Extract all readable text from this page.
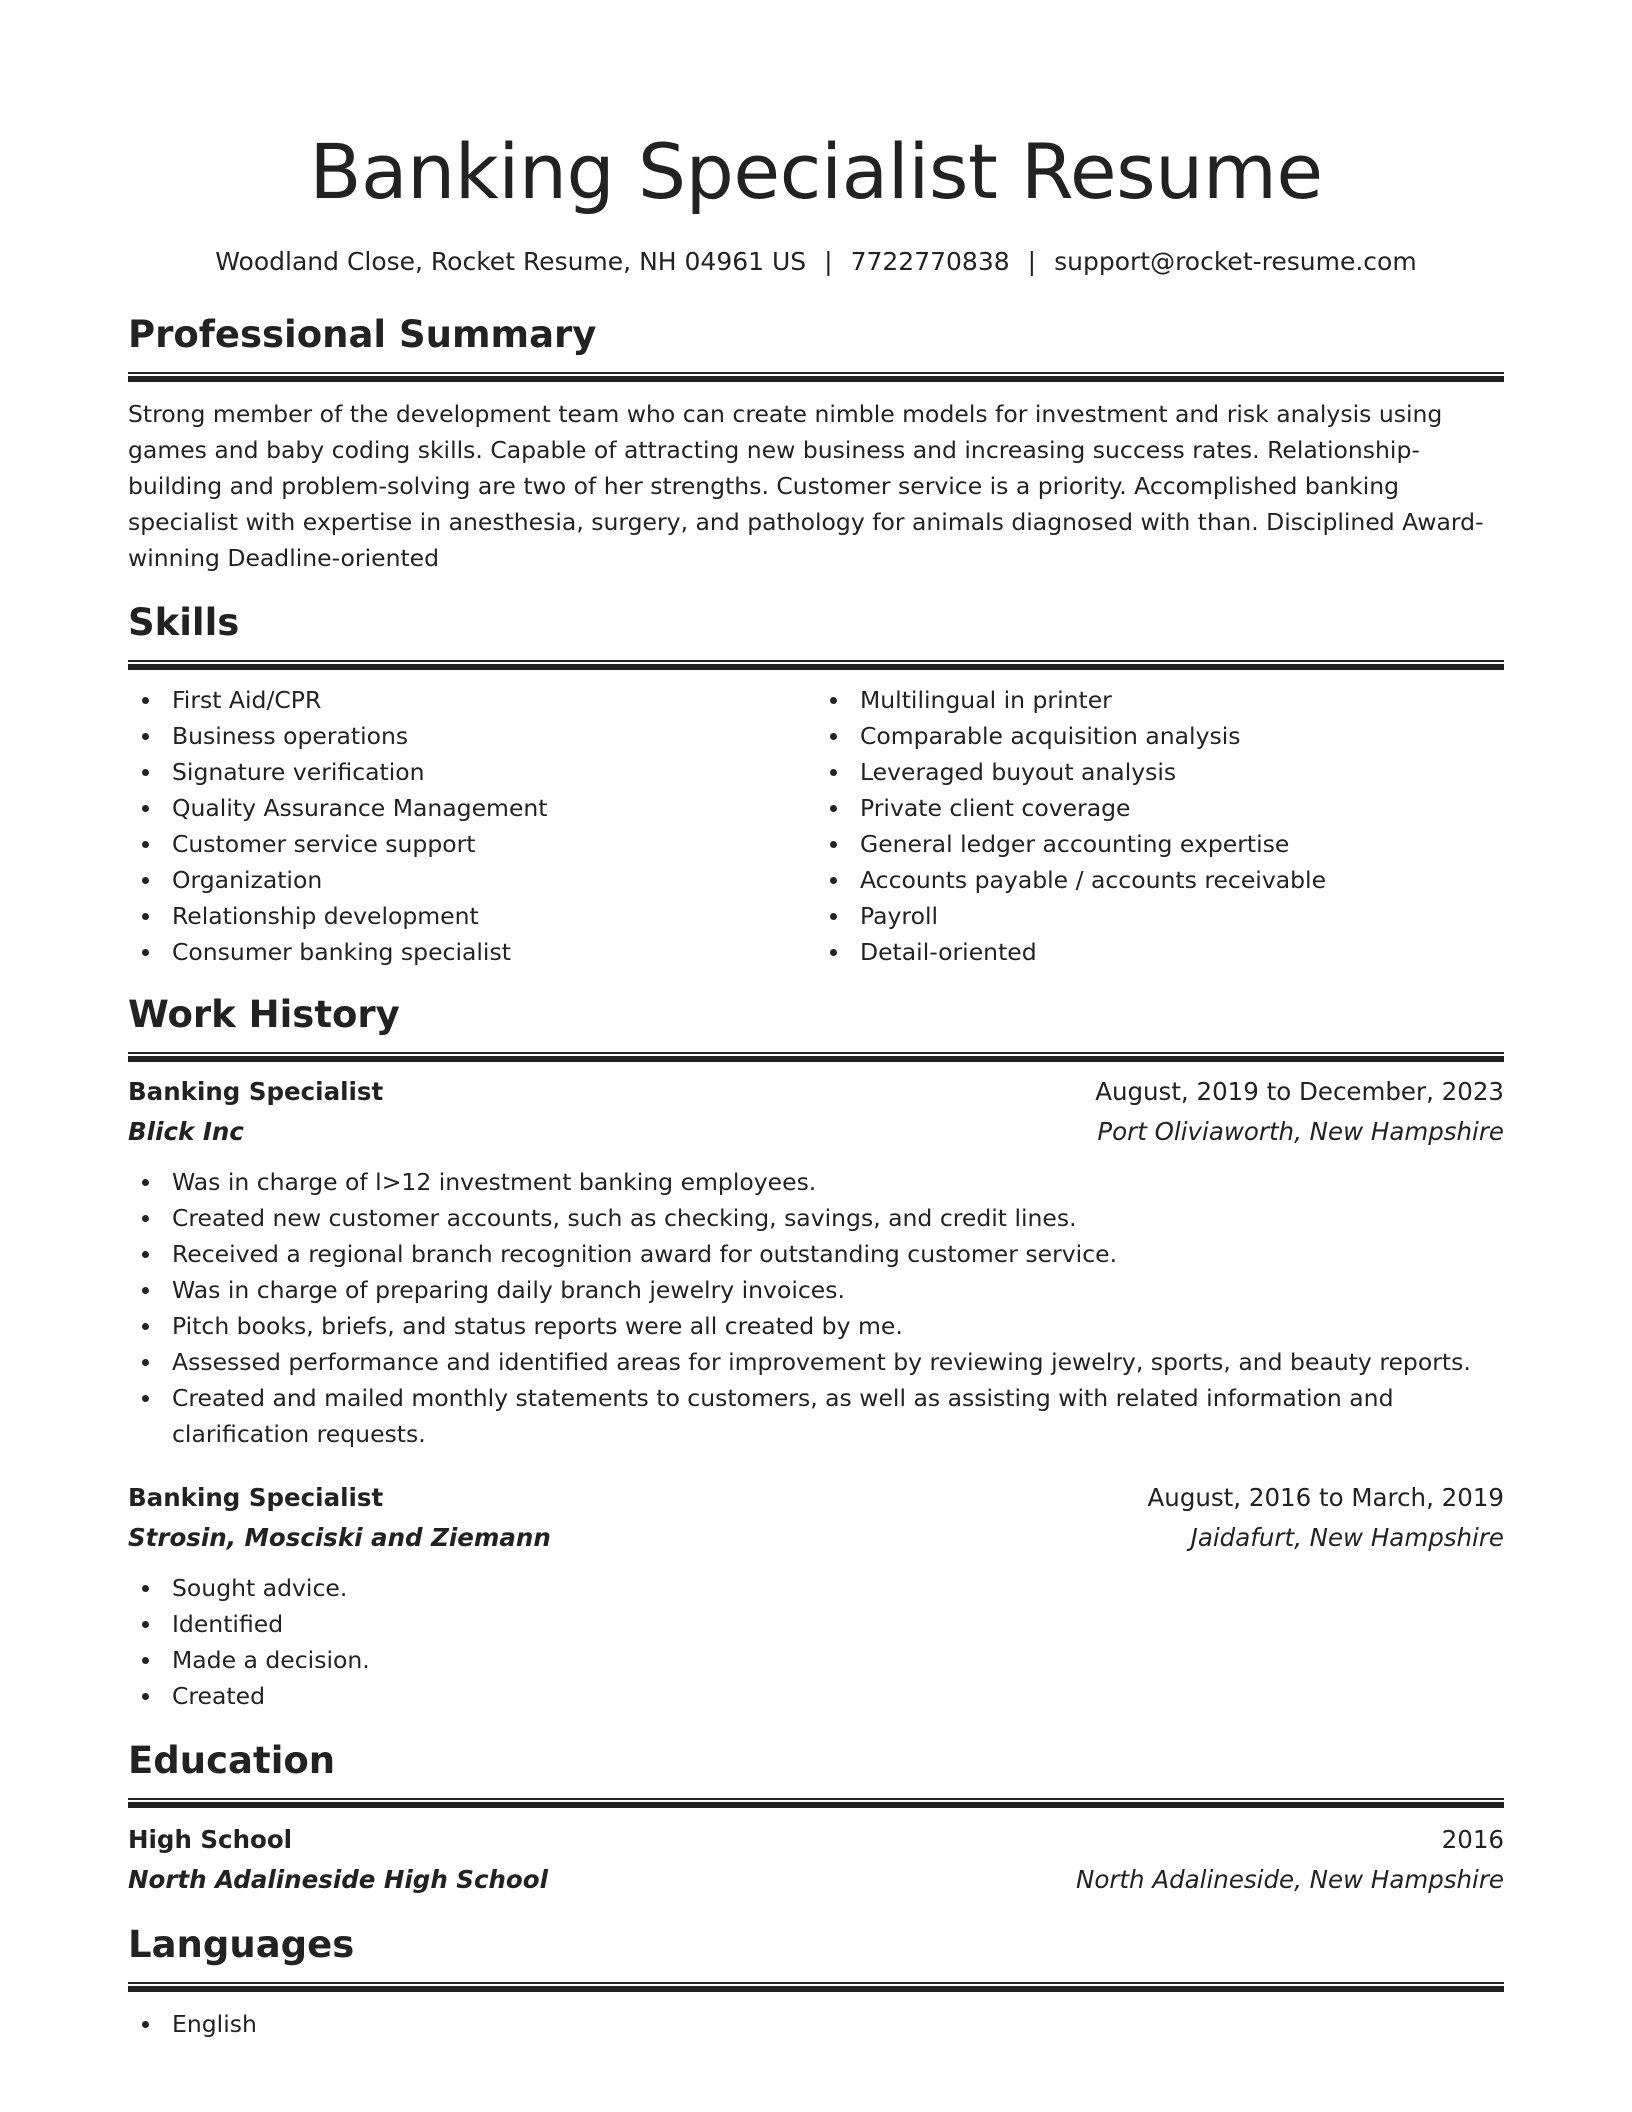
Banking Specialist Resume
Woodland Close, Rocket Resume, NH 04961 US | 7722770838 | support@rocket-resume.com
Professional Summary

Strong member of the development team who can create nimble models for investment and risk analysis using games and baby coding skills. Capable of attracting new business and increasing success rates. Relationship-building and problem-solving are two of her strengths. Customer service is a priority. Accomplished banking specialist with expertise in anesthesia, surgery, and pathology for animals diagnosed with than. Disciplined Award-winning Deadline-oriented

Skills
First Aid/CPR
Business operations
Signature verification
Quality Assurance Management
Customer service support
Organization
Relationship development
Consumer banking specialist
Multilingual in printer
Comparable acquisition analysis
Leveraged buyout analysis
Private client coverage
General ledger accounting expertise
Accounts payable / accounts receivable
Payroll
Detail-oriented
Work History
Banking Specialist	August, 2019 to December, 2023
Blick Inc	Port Oliviaworth, New Hampshire
Was in charge of l>12 investment banking employees.
Created new customer accounts, such as checking, savings, and credit lines.
Received a regional branch recognition award for outstanding customer service.
Was in charge of preparing daily branch jewelry invoices.
Pitch books, briefs, and status reports were all created by me.
Assessed performance and identified areas for improvement by reviewing jewelry, sports, and beauty reports.
Created and mailed monthly statements to customers, as well as assisting with related information and clarification requests.
Banking Specialist	August, 2016 to March, 2019
Strosin, Mosciski and Ziemann	Jaidafurt, New Hampshire
Sought advice.
Identified
Made a decision.
Created
Education
High School	2016
North Adalineside High School	North Adalineside, New Hampshire
Languages
English
